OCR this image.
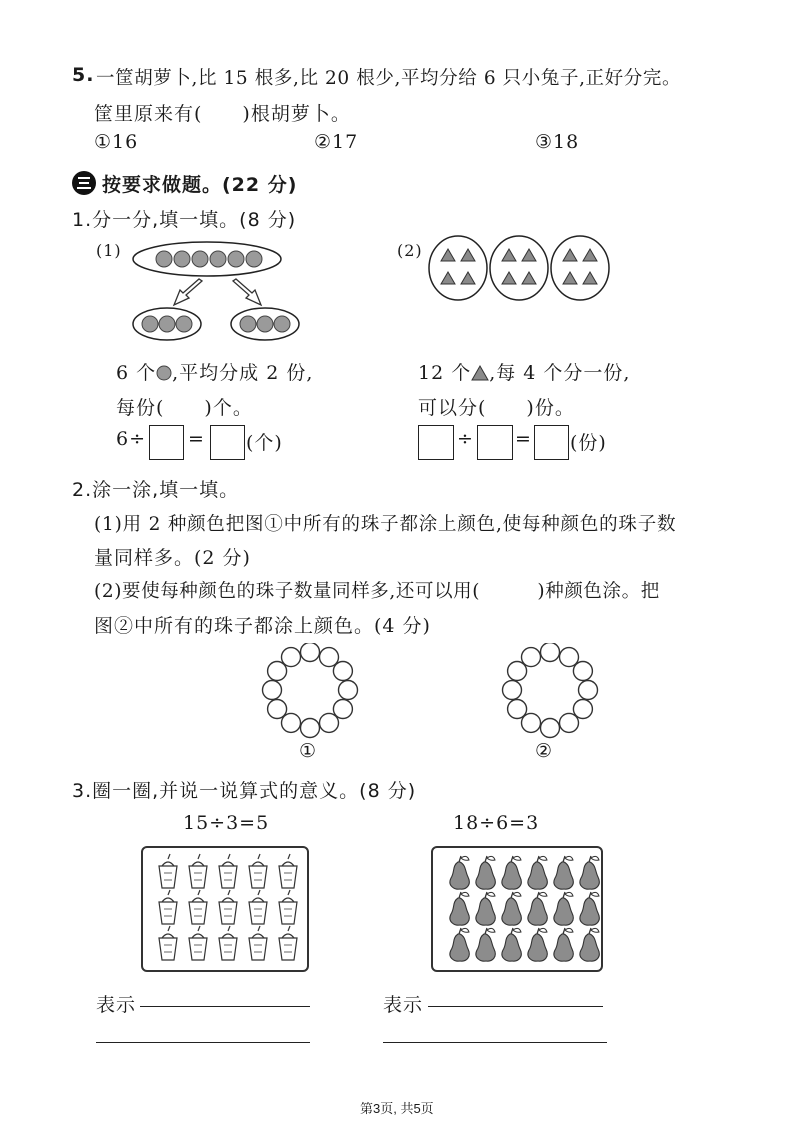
5. 一筐胡萝卜,比 15 根多,比 20 根少,平均分给 6 只小兔子,正好分完。
筐里原来有(　　)根胡萝卜。
①16	②17	③18
按要求做题。(22 分)
1.分一分,填一填。(8 分)
(1)	(2)
6 个 ,平均分成 2 份,
每份(　　)个。
6÷ = (个)
12 个 ,每 4 个分一份,
可以分(　　)份。
÷ = (份)
2.涂一涂,填一填。
(1)用 2 种颜色把图①中所有的珠子都涂上颜色,使每种颜色的珠子数
量同样多。(2 分)
(2)要使每种颜色的珠子数量同样多,还可以用(　　　)种颜色涂。把
图②中所有的珠子都涂上颜色。(4 分)
①	②
3.圈一圈,并说一说算式的意义。(8 分)
15÷3=5	18÷6=3
表示	表示
第3页, 共5页
